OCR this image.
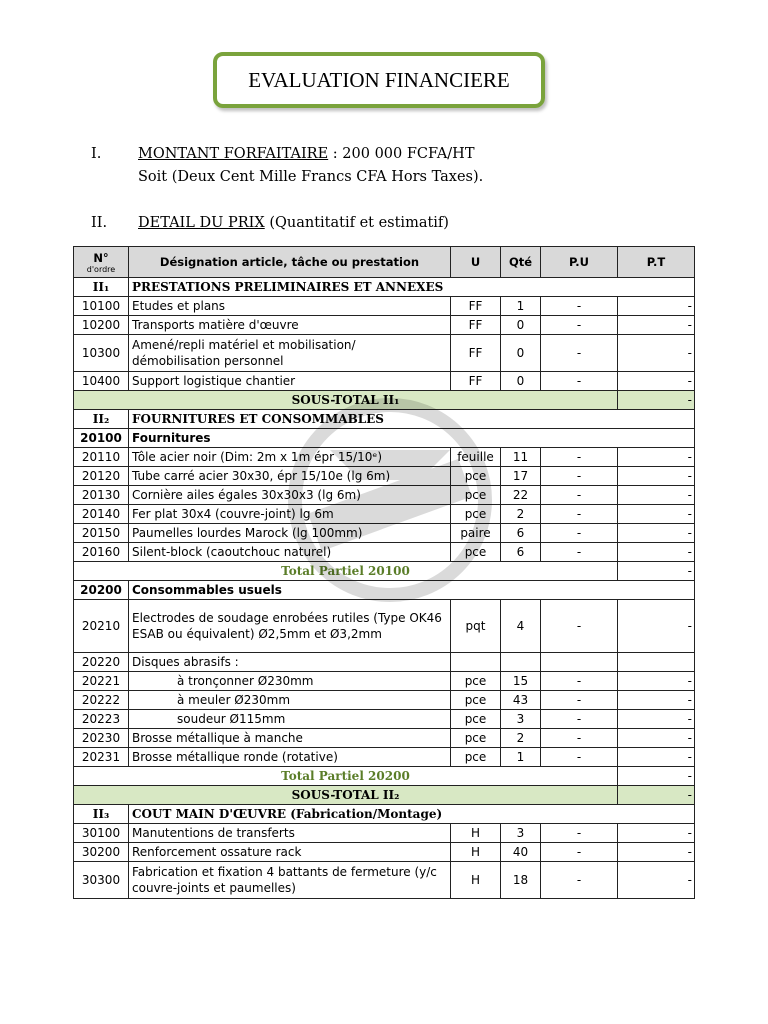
EVALUATION FINANCIERE
I.	MONTANT FORFAITAIRE : 200 000 FCFA/HT
Soit (Deux Cent Mille Francs CFA Hors Taxes).
II.	DETAIL DU PRIX (Quantitatif et estimatif)
N°
d'ordre	Désignation article, tâche ou prestation	U	Qté	P.U	P.T
II₁	PRESTATIONS PRELIMINAIRES ET ANNEXES				
10100	Etudes et plans	FF	1	-	-
10200	Transports matière d'œuvre	FF	0	-	-
10300	Amené/repli matériel et mobilisation/ démobilisation personnel	FF	0	-	-
10400	Support logistique chantier	FF	0	-	-
SOUS-TOTAL II₁					-
II₂	FOURNITURES ET CONSOMMABLES				
20100	Fournitures				
20110	Tôle acier noir (Dim: 2m x 1m épr 15/10ᵉ)	feuille	11	-	-
20120	Tube carré acier 30x30, épr 15/10e (lg 6m)	pce	17	-	-
20130	Cornière ailes égales 30x30x3 (lg 6m)	pce	22	-	-
20140	Fer plat 30x4 (couvre-joint) lg 6m	pce	2	-	-
20150	Paumelles lourdes Marock (lg 100mm)	paire	6	-	-
20160	Silent-block (caoutchouc naturel)	pce	6	-	-
Total Partiel 20100					-
20200	Consommables usuels				
20210	Electrodes de soudage enrobées rutiles (Type OK46 ESAB ou équivalent) Ø2,5mm et Ø3,2mm	pqt	4	-	-
20220	Disques abrasifs :				
20221	à tronçonner Ø230mm	pce	15	-	-
20222	à meuler Ø230mm	pce	43	-	-
20223	soudeur Ø115mm	pce	3	-	-
20230	Brosse métallique à manche	pce	2	-	-
20231	Brosse métallique ronde (rotative)	pce	1	-	-
Total Partiel 20200					-
SOUS-TOTAL II₂					-
II₃	COUT MAIN D'ŒUVRE (Fabrication/Montage)				
30100	Manutentions de transferts	H	3	-	-
30200	Renforcement ossature rack	H	40	-	-
30300	Fabrication et fixation 4 battants de fermeture (y/c couvre-joints et paumelles)	H	18	-	-
